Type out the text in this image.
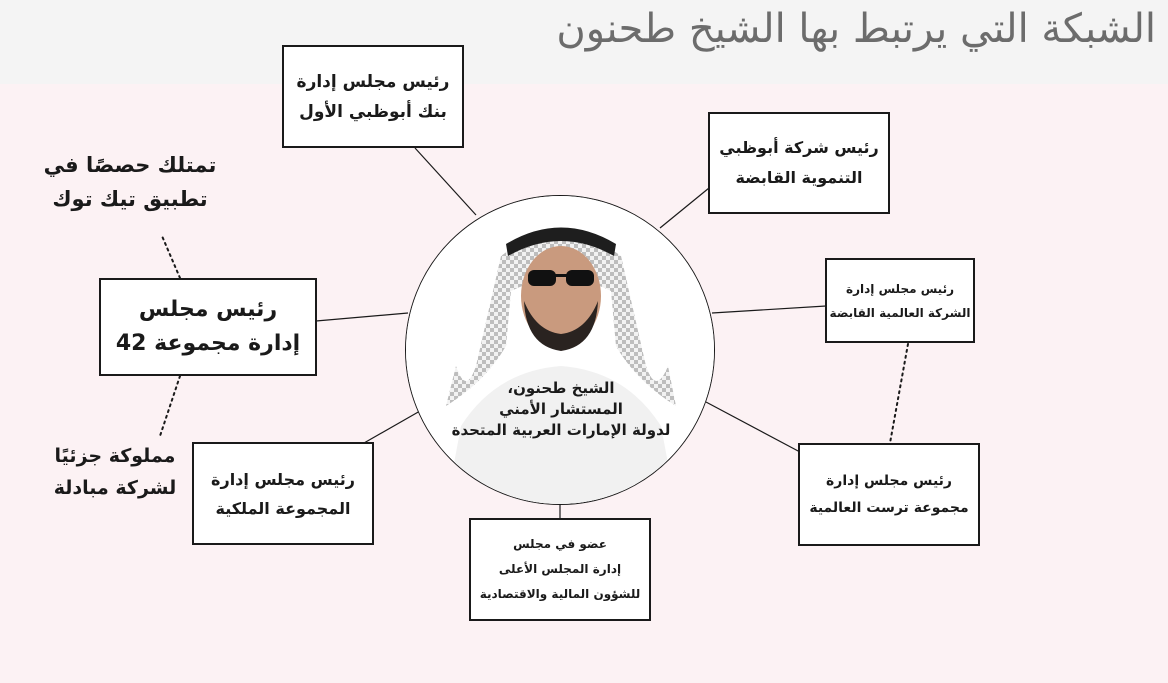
الشبكة التي يرتبط بها الشيخ طحنون
الشيخ طحنون،
المستشار الأمني
لدولة الإمارات العربية المتحدة
رئيس مجلس إدارة
بنك أبوظبي الأول
رئيس شركة أبوظبي
التنموية القابضة
رئيس مجلس إدارة
الشركة العالمية القابضة
رئيس مجلس إدارة
مجموعة ترست العالمية
عضو في مجلس
إدارة المجلس الأعلى
للشؤون المالية والاقتصادية
رئيس مجلس إدارة
المجموعة الملكية
رئيس مجلس
إدارة مجموعة 42
تمتلك حصصًا في
تطبيق تيك توك
مملوكة جزئيًا
لشركة مبادلة
